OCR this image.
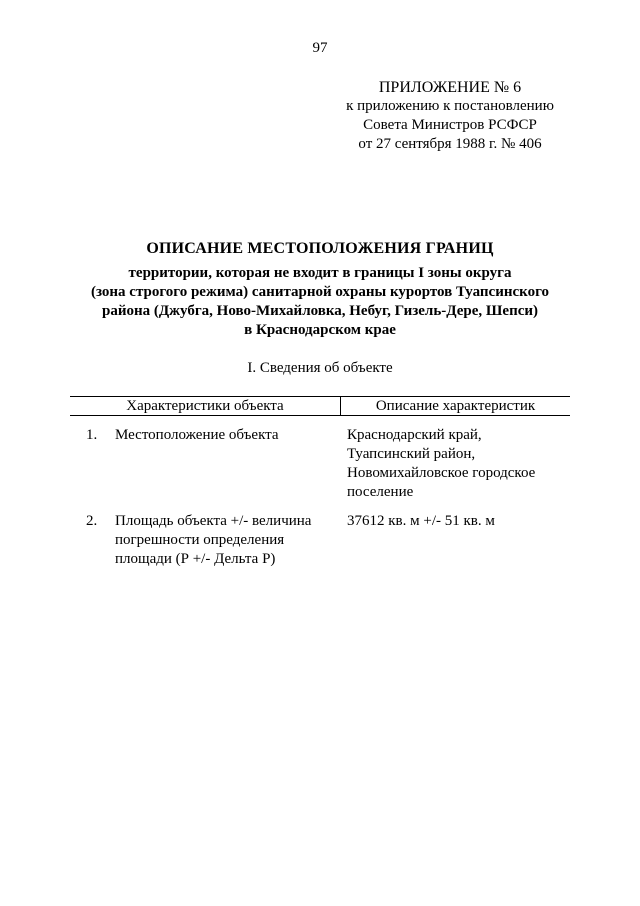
97
ПРИЛОЖЕНИЕ № 6
к приложению к постановлению
Совета Министров РСФСР
от 27 сентября 1988 г. № 406
ОПИСАНИЕ МЕСТОПОЛОЖЕНИЯ ГРАНИЦ
территории, которая не входит в границы I зоны округа
(зона строгого режима) санитарной охраны курортов Туапсинского
района (Джубга, Ново-Михайловка, Небуг, Гизель-Дере, Шепси)
в Краснодарском крае
I. Сведения об объекте
Характеристики объекта	Описание характеристик
1. Местоположение объекта	Краснодарский край,
Туапсинский район,
Новомихайловское городское
поселение
2. Площадь объекта +/- величина
погрешности определения
площади (Р +/- Дельта Р)
37612 кв. м +/- 51 кв. м
